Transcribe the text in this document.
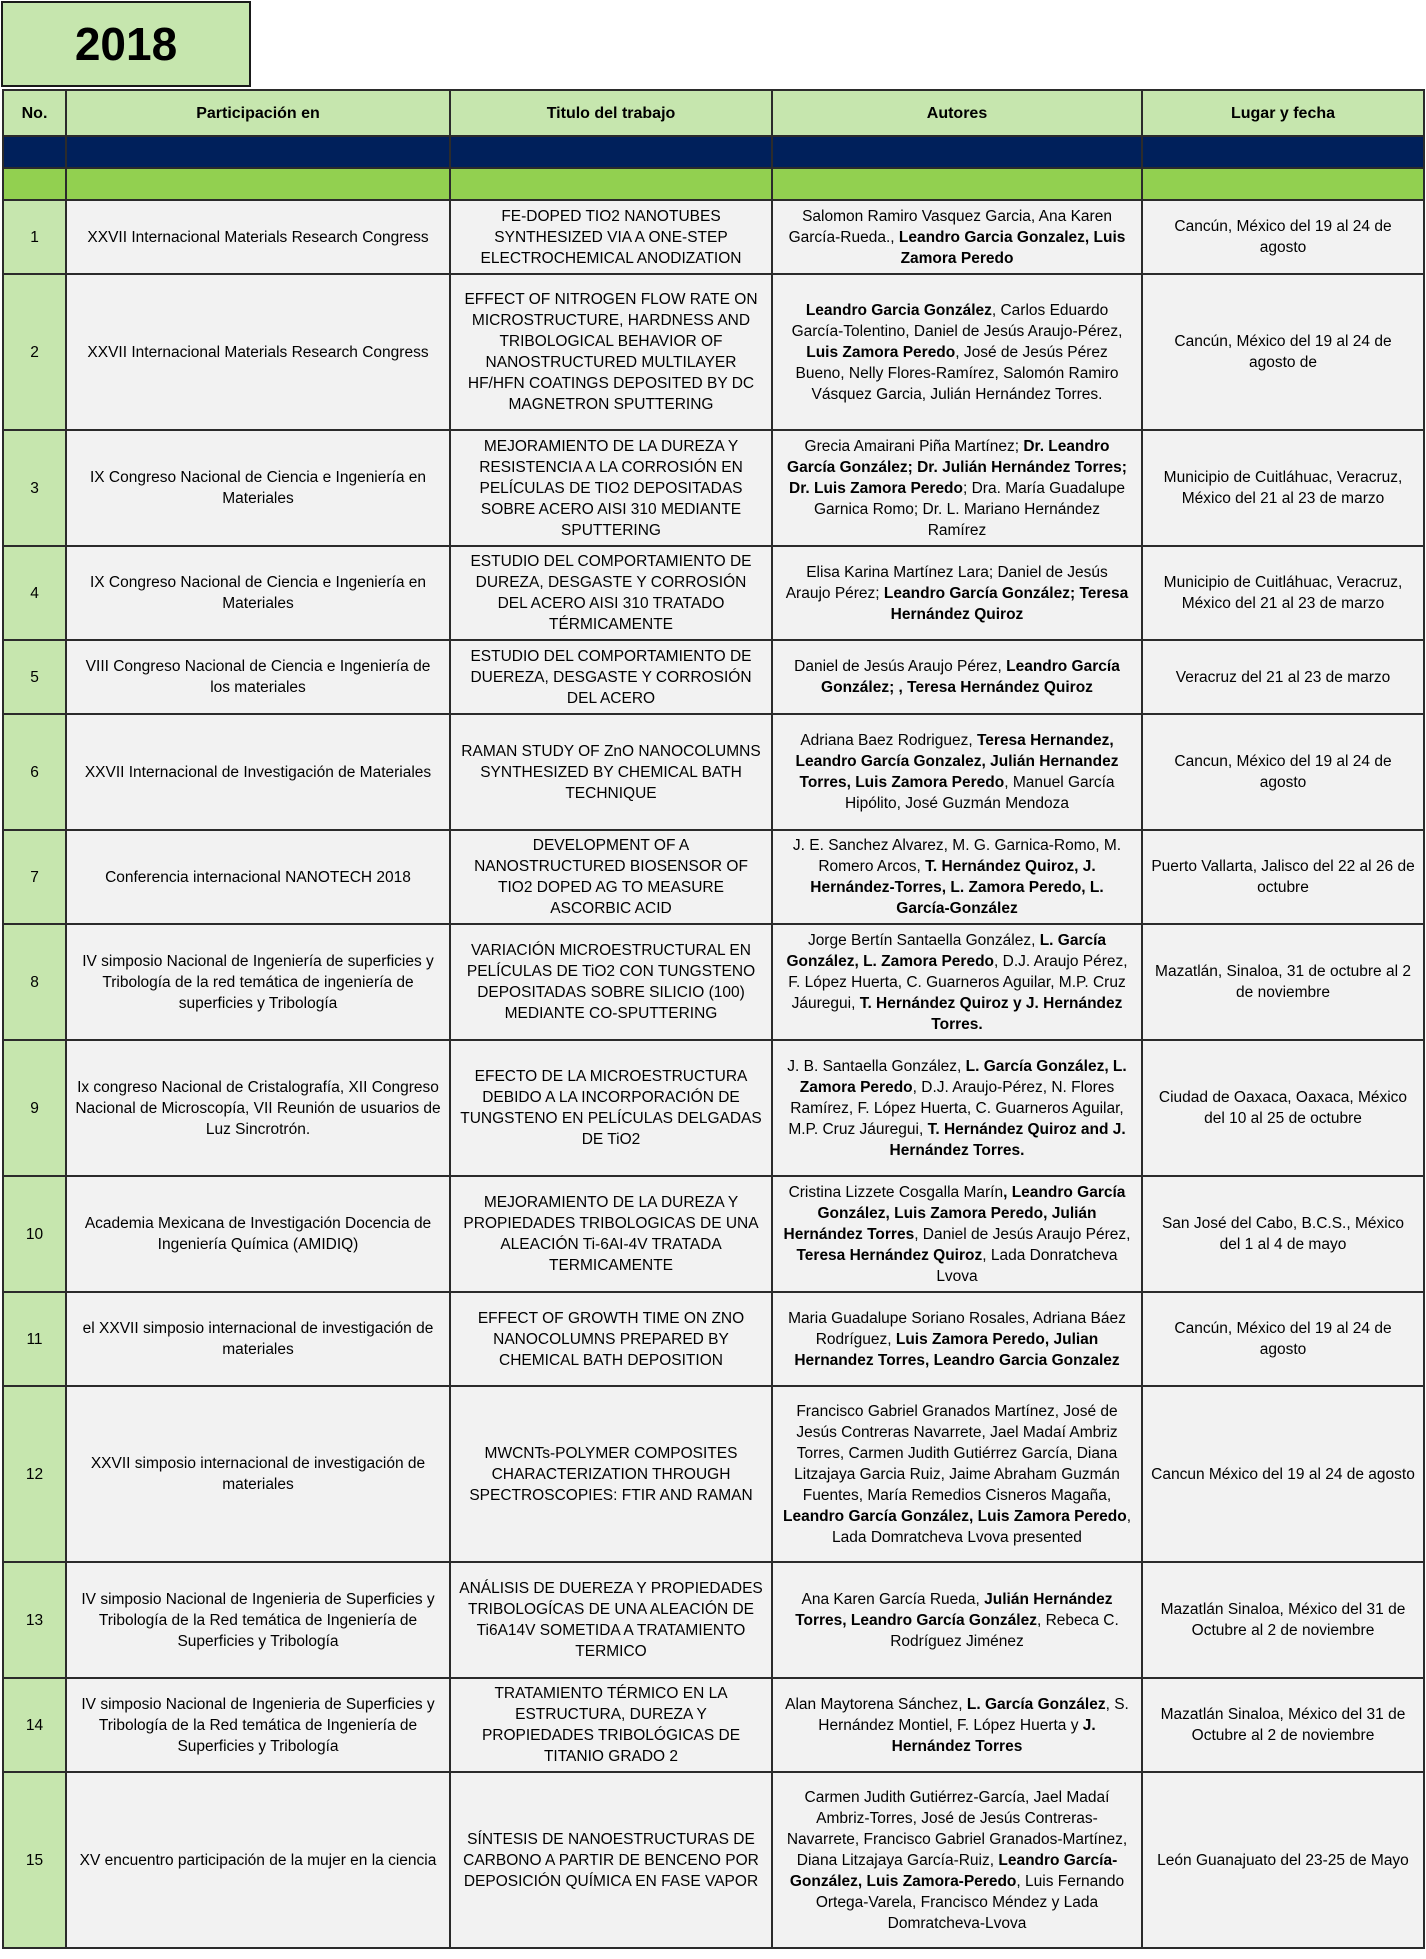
2018
No.	Participación en	Titulo del trabajo	Autores	Lugar y fecha

1	XXVII Internacional Materials Research Congress	FE-DOPED TIO2 NANOTUBES SYNTHESIZED VIA A ONE-STEP ELECTROCHEMICAL ANODIZATION	Salomon Ramiro Vasquez Garcia, Ana Karen García-Rueda., Leandro Garcia Gonzalez, Luis Zamora Peredo	Cancún, México del 19 al 24 de agosto
2	XXVII Internacional Materials Research Congress	EFFECT OF NITROGEN FLOW RATE ON MICROSTRUCTURE, HARDNESS AND TRIBOLOGICAL BEHAVIOR OF NANOSTRUCTURED MULTILAYER HF/HFN COATINGS DEPOSITED BY DC MAGNETRON SPUTTERING	Leandro Garcia González, Carlos Eduardo García-Tolentino, Daniel de Jesús Araujo-Pérez, Luis Zamora Peredo, José de Jesús Pérez Bueno, Nelly Flores-Ramírez, Salomón Ramiro Vásquez Garcia, Julián Hernández Torres.	Cancún, México del 19 al 24 de agosto de
3	IX Congreso Nacional de Ciencia e Ingeniería en Materiales	MEJORAMIENTO DE LA DUREZA Y RESISTENCIA A LA CORROSIÓN EN PELÍCULAS DE TIO2 DEPOSITADAS SOBRE ACERO AISI 310 MEDIANTE SPUTTERING	Grecia Amairani Piña Martínez; Dr. Leandro García González; Dr. Julián Hernández Torres; Dr. Luis Zamora Peredo; Dra. María Guadalupe Garnica Romo; Dr. L. Mariano Hernández Ramírez	Municipio de Cuitláhuac, Veracruz, México del 21 al 23 de marzo
4	IX Congreso Nacional de Ciencia e Ingeniería en Materiales	ESTUDIO DEL COMPORTAMIENTO DE DUREZA, DESGASTE Y CORROSIÓN DEL ACERO AISI 310 TRATADO TÉRMICAMENTE	Elisa Karina Martínez Lara; Daniel de Jesús Araujo Pérez; Leandro García González; Teresa Hernández Quiroz	Municipio de Cuitláhuac, Veracruz, México del 21 al 23 de marzo
5	VIII Congreso Nacional de Ciencia e Ingeniería de los materiales	ESTUDIO DEL COMPORTAMIENTO DE DUEREZA, DESGASTE Y CORROSIÓN DEL ACERO	Daniel de Jesús Araujo Pérez, Leandro García González; , Teresa Hernández Quiroz	Veracruz del 21 al 23 de marzo
6	XXVII Internacional de Investigación de Materiales	RAMAN STUDY OF ZnO NANOCOLUMNS SYNTHESIZED BY CHEMICAL BATH TECHNIQUE	Adriana Baez Rodriguez, Teresa Hernandez, Leandro García Gonzalez, Julián Hernandez Torres, Luis Zamora Peredo, Manuel García Hipólito, José Guzmán Mendoza	Cancun, México del 19 al 24 de agosto
7	Conferencia internacional NANOTECH 2018	DEVELOPMENT OF A NANOSTRUCTURED BIOSENSOR OF TIO2 DOPED AG TO MEASURE ASCORBIC ACID	J. E. Sanchez Alvarez, M. G. Garnica-Romo, M. Romero Arcos, T. Hernández Quiroz, J. Hernández-Torres, L. Zamora Peredo, L. García-González	Puerto Vallarta, Jalisco del 22 al 26 de octubre
8	IV simposio Nacional de Ingeniería de superficies y Tribología de la red temática de ingeniería de superficies y Tribología	VARIACIÓN MICROESTRUCTURAL EN PELÍCULAS DE TiO2 CON TUNGSTENO DEPOSITADAS SOBRE SILICIO (100) MEDIANTE CO-SPUTTERING	Jorge Bertín Santaella González, L. García González, L. Zamora Peredo, D.J. Araujo Pérez, F. López Huerta, C. Guarneros Aguilar, M.P. Cruz Jáuregui, T. Hernández Quiroz y J. Hernández Torres.	Mazatlán, Sinaloa, 31 de octubre al 2 de noviembre
9	Ix congreso Nacional de Cristalografía, XII Congreso Nacional de Microscopía, VII Reunión de usuarios de Luz Sincrotrón.	EFECTO DE LA MICROESTRUCTURA DEBIDO A LA INCORPORACIÓN DE TUNGSTENO EN PELÍCULAS DELGADAS DE TiO2	J. B. Santaella González, L. García González, L. Zamora Peredo, D.J. Araujo-Pérez, N. Flores Ramírez, F. López Huerta, C. Guarneros Aguilar, M.P. Cruz Jáuregui, T. Hernández Quiroz and J. Hernández Torres.	Ciudad de Oaxaca, Oaxaca, México del 10 al 25 de octubre
10	Academia Mexicana de Investigación Docencia de Ingeniería Química (AMIDIQ)	MEJORAMIENTO DE LA DUREZA Y PROPIEDADES TRIBOLOGICAS DE UNA ALEACIÓN Ti-6AI-4V TRATADA TERMICAMENTE	Cristina Lizzete Cosgalla Marín, Leandro García González, Luis Zamora Peredo, Julián Hernández Torres, Daniel de Jesús Araujo Pérez, Teresa Hernández Quiroz, Lada Donratcheva Lvova	San José del Cabo, B.C.S., México del 1 al 4 de mayo
11	el XXVII simposio internacional de investigación de materiales	EFFECT OF GROWTH TIME ON ZNO NANOCOLUMNS PREPARED BY CHEMICAL BATH DEPOSITION	Maria Guadalupe Soriano Rosales, Adriana Báez Rodríguez, Luis Zamora Peredo, Julian Hernandez Torres, Leandro Garcia Gonzalez	Cancún, México del 19 al 24 de agosto
12	XXVII simposio internacional de investigación de materiales	MWCNTs-POLYMER COMPOSITES CHARACTERIZATION THROUGH SPECTROSCOPIES: FTIR AND RAMAN	Francisco Gabriel Granados Martínez, José de Jesús Contreras Navarrete, Jael Madaí Ambriz Torres, Carmen Judith Gutiérrez García, Diana Litzajaya Garcia Ruiz, Jaime Abraham Guzmán Fuentes, María Remedios Cisneros Magaña, Leandro García González, Luis Zamora Peredo, Lada Domratcheva Lvova presented	Cancun México del 19 al 24 de agosto
13	IV simposio Nacional de Ingenieria de Superficies y Tribología de la Red temática de Ingeniería de Superficies y Tribología	ANÁLISIS DE DUEREZA Y PROPIEDADES TRIBOLOGÍCAS DE UNA ALEACIÓN DE Ti6A14V SOMETIDA A TRATAMIENTO TERMICO	Ana Karen García Rueda, Julián Hernández Torres, Leandro García González, Rebeca C. Rodríguez Jiménez	Mazatlán Sinaloa, México del 31 de Octubre al 2 de noviembre
14	IV simposio Nacional de Ingenieria de Superficies y Tribología de la Red temática de Ingeniería de Superficies y Tribología	TRATAMIENTO TÉRMICO EN LA ESTRUCTURA, DUREZA Y PROPIEDADES TRIBOLÓGICAS DE TITANIO GRADO 2	Alan Maytorena Sánchez, L. García González, S. Hernández Montiel, F. López Huerta y J. Hernández Torres	Mazatlán Sinaloa, México del 31 de Octubre al 2 de noviembre
15	XV encuentro participación de la mujer en la ciencia	SÍNTESIS DE NANOESTRUCTURAS DE CARBONO A PARTIR DE BENCENO POR DEPOSICIÓN QUÍMICA EN FASE VAPOR	Carmen Judith Gutiérrez-García, Jael Madaí Ambriz-Torres, José de Jesús Contreras-Navarrete, Francisco Gabriel Granados-Martínez, Diana Litzajaya García-Ruiz, Leandro García-González, Luis Zamora-Peredo, Luis Fernando Ortega-Varela, Francisco Méndez y Lada Domratcheva-Lvova	León Guanajuato del 23-25 de Mayo
